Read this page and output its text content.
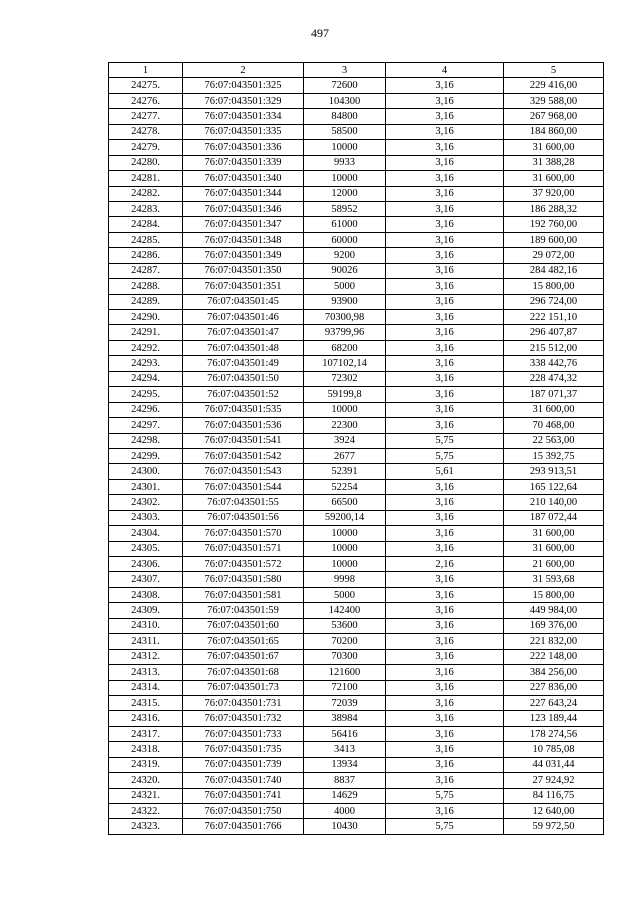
497
1	2	3	4	5
24275.	76:07:043501:325	72600	3,16	229 416,00
24276.	76:07:043501:329	104300	3,16	329 588,00
24277.	76:07:043501:334	84800	3,16	267 968,00
24278.	76:07:043501:335	58500	3,16	184 860,00
24279.	76:07:043501:336	10000	3,16	31 600,00
24280.	76:07:043501:339	9933	3,16	31 388,28
24281.	76:07:043501:340	10000	3,16	31 600,00
24282.	76:07:043501:344	12000	3,16	37 920,00
24283.	76:07:043501:346	58952	3,16	186 288,32
24284.	76:07:043501:347	61000	3,16	192 760,00
24285.	76:07:043501:348	60000	3,16	189 600,00
24286.	76:07:043501:349	9200	3,16	29 072,00
24287.	76:07:043501:350	90026	3,16	284 482,16
24288.	76:07:043501:351	5000	3,16	15 800,00
24289.	76:07:043501:45	93900	3,16	296 724,00
24290.	76:07:043501:46	70300,98	3,16	222 151,10
24291.	76:07:043501:47	93799,96	3,16	296 407,87
24292.	76:07:043501:48	68200	3,16	215 512,00
24293.	76:07:043501:49	107102,14	3,16	338 442,76
24294.	76:07:043501:50	72302	3,16	228 474,32
24295.	76:07:043501:52	59199,8	3,16	187 071,37
24296.	76:07:043501:535	10000	3,16	31 600,00
24297.	76:07:043501:536	22300	3,16	70 468,00
24298.	76:07:043501:541	3924	5,75	22 563,00
24299.	76:07:043501:542	2677	5,75	15 392,75
24300.	76:07:043501:543	52391	5,61	293 913,51
24301.	76:07:043501:544	52254	3,16	165 122,64
24302.	76:07:043501:55	66500	3,16	210 140,00
24303.	76:07:043501:56	59200,14	3,16	187 072,44
24304.	76:07:043501:570	10000	3,16	31 600,00
24305.	76:07:043501:571	10000	3,16	31 600,00
24306.	76:07:043501:572	10000	2,16	21 600,00
24307.	76:07:043501:580	9998	3,16	31 593,68
24308.	76:07:043501:581	5000	3,16	15 800,00
24309.	76:07:043501:59	142400	3,16	449 984,00
24310.	76:07:043501:60	53600	3,16	169 376,00
24311.	76:07:043501:65	70200	3,16	221 832,00
24312.	76:07:043501:67	70300	3,16	222 148,00
24313.	76:07:043501:68	121600	3,16	384 256,00
24314.	76:07:043501:73	72100	3,16	227 836,00
24315.	76:07:043501:731	72039	3,16	227 643,24
24316.	76:07:043501:732	38984	3,16	123 189,44
24317.	76:07:043501:733	56416	3,16	178 274,56
24318.	76:07:043501:735	3413	3,16	10 785,08
24319.	76:07:043501:739	13934	3,16	44 031,44
24320.	76:07:043501:740	8837	3,16	27 924,92
24321.	76:07:043501:741	14629	5,75	84 116,75
24322.	76:07:043501:750	4000	3,16	12 640,00
24323.	76:07:043501:766	10430	5,75	59 972,50
